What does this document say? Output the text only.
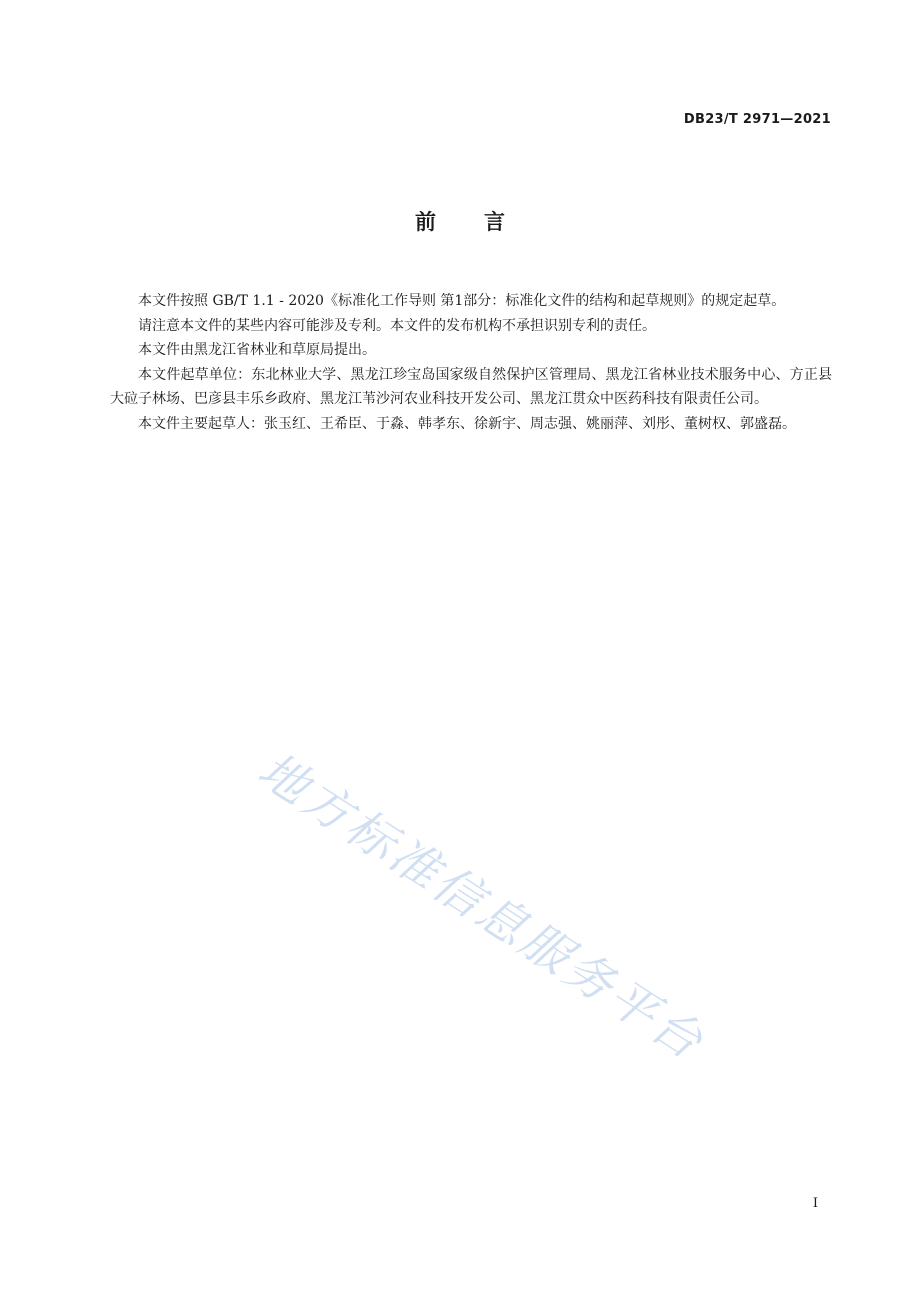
DB23/T 2971—2021
前言

本文件按照 GB/T 1.1 - 2020《标准化工作导则 第1部分：标准化文件的结构和起草规则》的规定起草。

请注意本文件的某些内容可能涉及专利。本文件的发布机构不承担识别专利的责任。

本文件由黑龙江省林业和草原局提出。

本文件起草单位：东北林业大学、黑龙江珍宝岛国家级自然保护区管理局、黑龙江省林业技术服务中心、方正县大砬子林场、巴彦县丰乐乡政府、黑龙江苇沙河农业科技开发公司、黑龙江贯众中医药科技有限责任公司。

本文件主要起草人：张玉红、王希臣、于淼、韩孝东、徐新宇、周志强、姚丽萍、刘彤、董树权、郭盛磊。

地方标准信息服务平台
I
